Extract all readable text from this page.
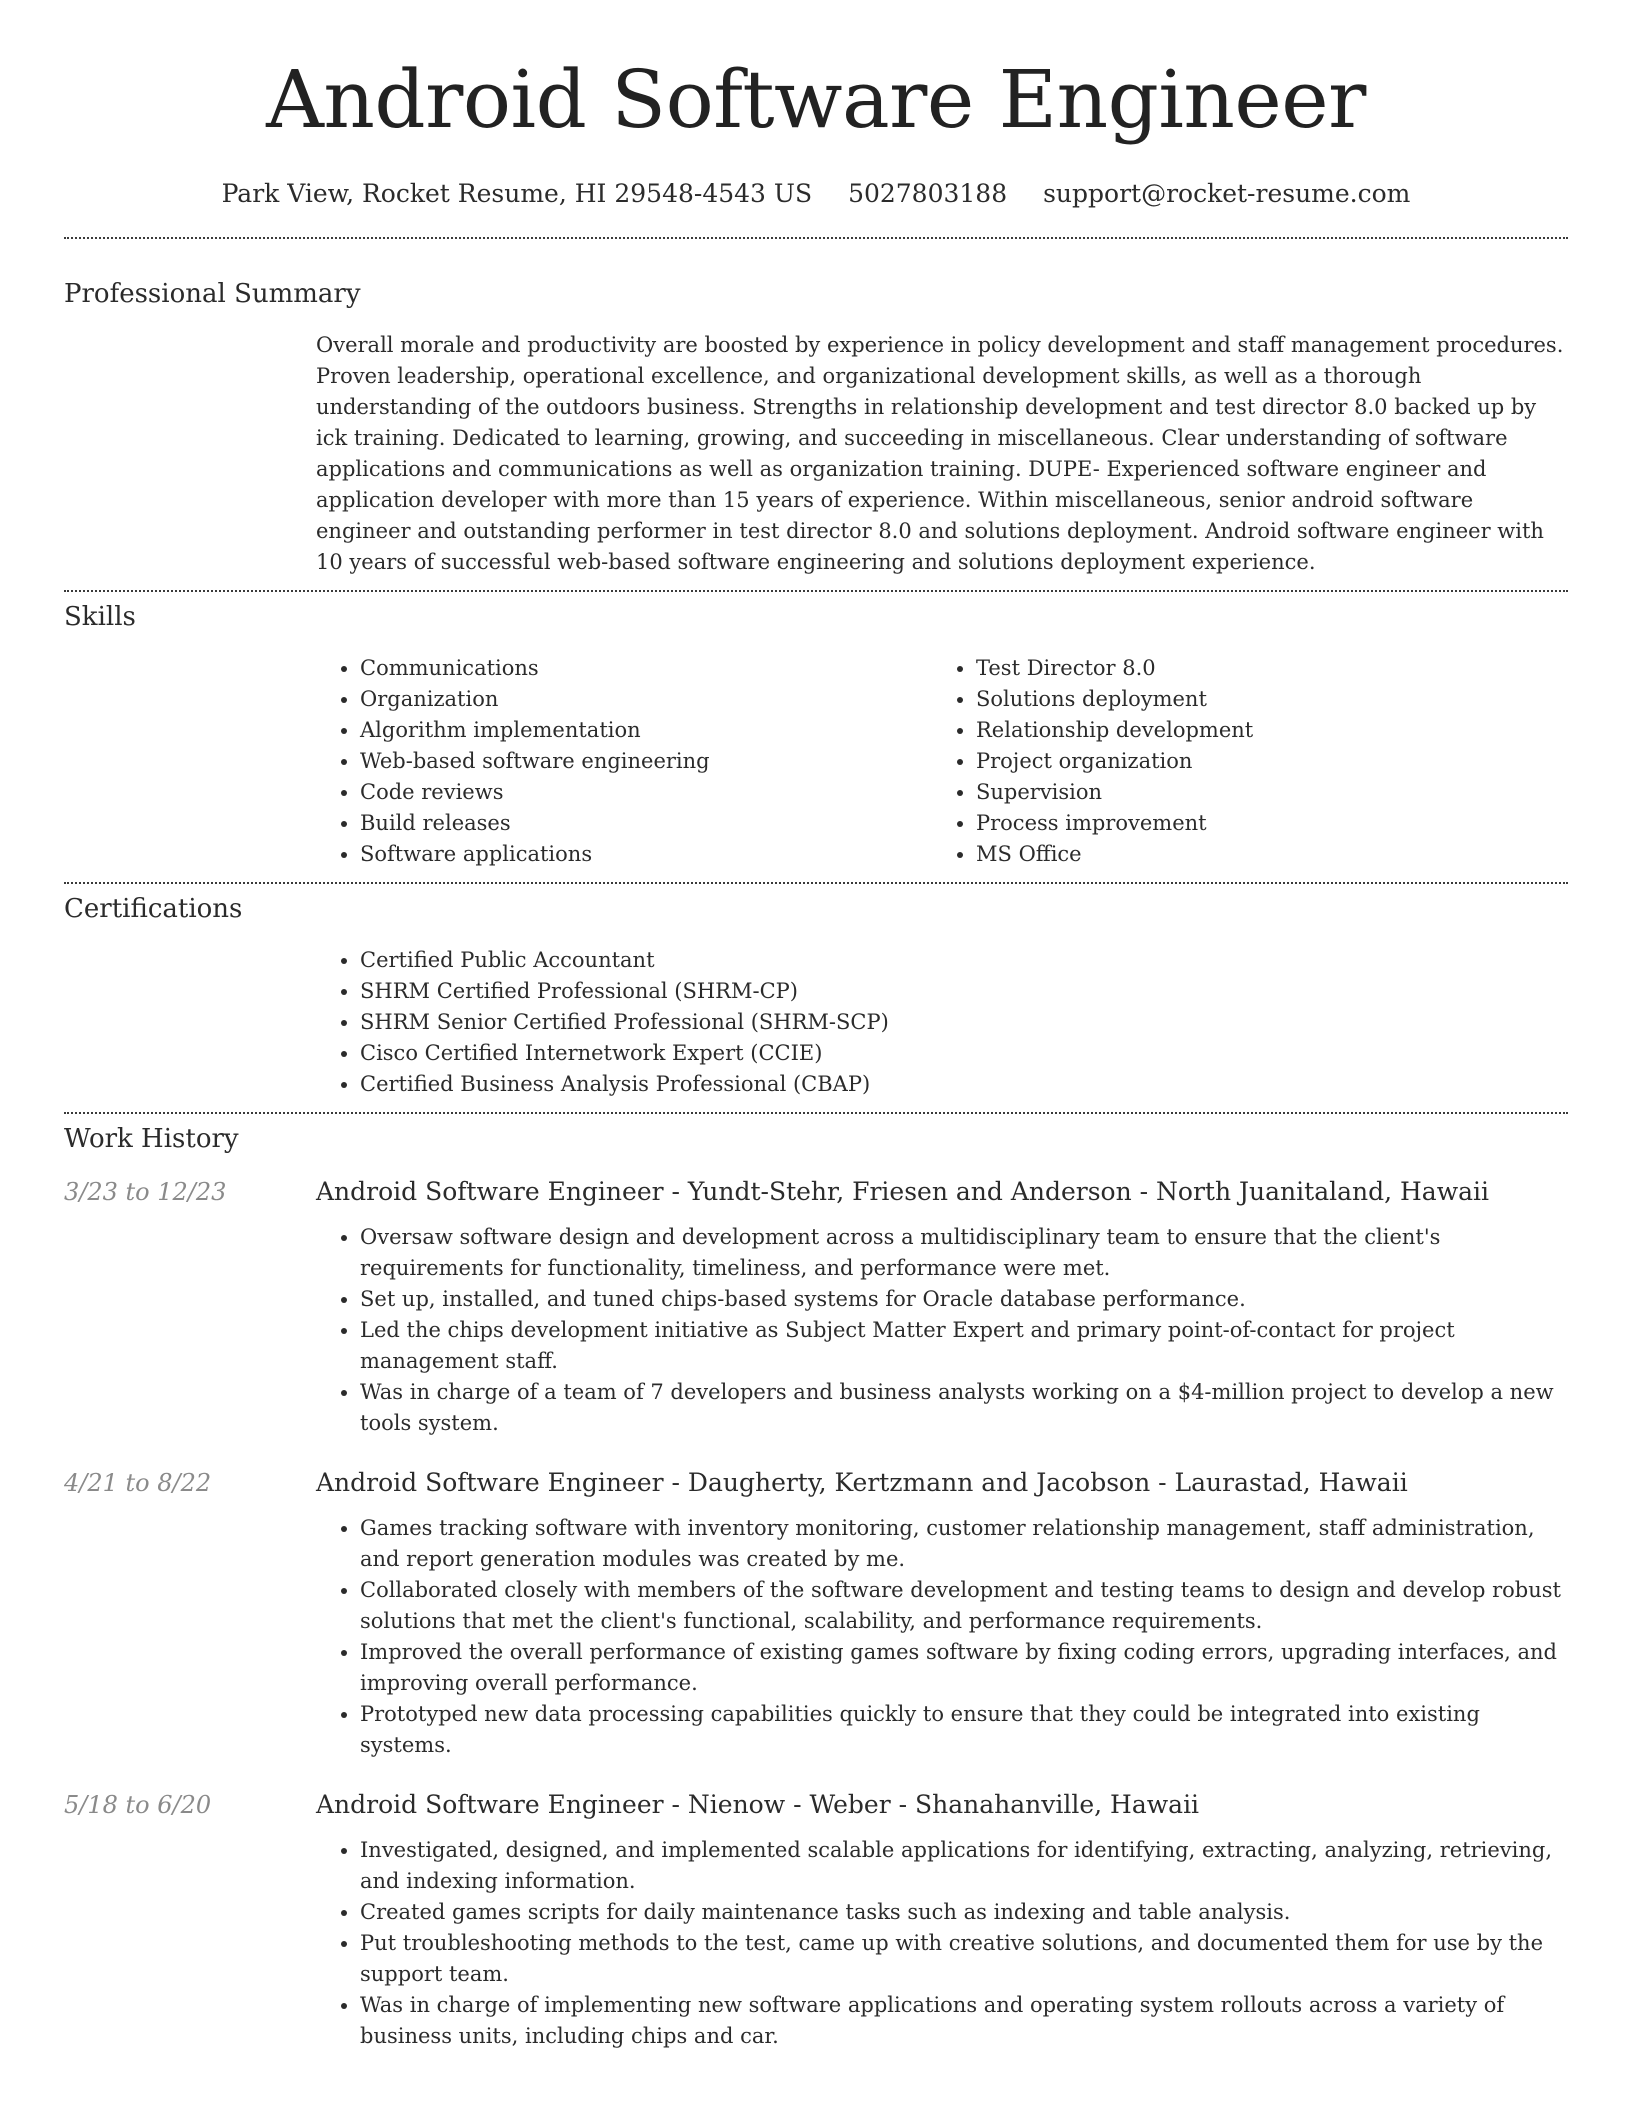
Android Software Engineer
Park View, Rocket Resume, HI 29548-4543 US 5027803188 support@rocket-resume.com
Professional Summary
Overall morale and productivity are boosted by experience in policy development and staff management procedures. Proven leadership, operational excellence, and organizational development skills, as well as a thorough understanding of the outdoors business. Strengths in relationship development and test director 8.0 backed up by ick training. Dedicated to learning, growing, and succeeding in miscellaneous. Clear understanding of software applications and communications as well as organization training. DUPE- Experienced software engineer and application developer with more than 15 years of experience. Within miscellaneous, senior android software engineer and outstanding performer in test director 8.0 and solutions deployment. Android software engineer with 10 years of successful web-based software engineering and solutions deployment experience.
Skills
• Communications
• Organization
• Algorithm implementation
• Web-based software engineering
• Code reviews
• Build releases
• Software applications
• Test Director 8.0
• Solutions deployment
• Relationship development
• Project organization
• Supervision
• Process improvement
• MS Office
Certifications
• Certified Public Accountant
• SHRM Certified Professional (SHRM-CP)
• SHRM Senior Certified Professional (SHRM-SCP)
• Cisco Certified Internetwork Expert (CCIE)
• Certified Business Analysis Professional (CBAP)
Work History
3/23 to 12/23	Android Software Engineer - Yundt-Stehr, Friesen and Anderson - North Juanitaland, Hawaii
• Oversaw software design and development across a multidisciplinary team to ensure that the client's requirements for functionality, timeliness, and performance were met.
• Set up, installed, and tuned chips-based systems for Oracle database performance.
• Led the chips development initiative as Subject Matter Expert and primary point-of-contact for project management staff.
• Was in charge of a team of 7 developers and business analysts working on a $4-million project to develop a new tools system.
4/21 to 8/22	Android Software Engineer - Daugherty, Kertzmann and Jacobson - Laurastad, Hawaii
• Games tracking software with inventory monitoring, customer relationship management, staff administration, and report generation modules was created by me.
• Collaborated closely with members of the software development and testing teams to design and develop robust solutions that met the client's functional, scalability, and performance requirements.
• Improved the overall performance of existing games software by fixing coding errors, upgrading interfaces, and improving overall performance.
• Prototyped new data processing capabilities quickly to ensure that they could be integrated into existing systems.
5/18 to 6/20	Android Software Engineer - Nienow - Weber - Shanahanville, Hawaii
• Investigated, designed, and implemented scalable applications for identifying, extracting, analyzing, retrieving, and indexing information.
• Created games scripts for daily maintenance tasks such as indexing and table analysis.
• Put troubleshooting methods to the test, came up with creative solutions, and documented them for use by the support team.
• Was in charge of implementing new software applications and operating system rollouts across a variety of business units, including chips and car.
